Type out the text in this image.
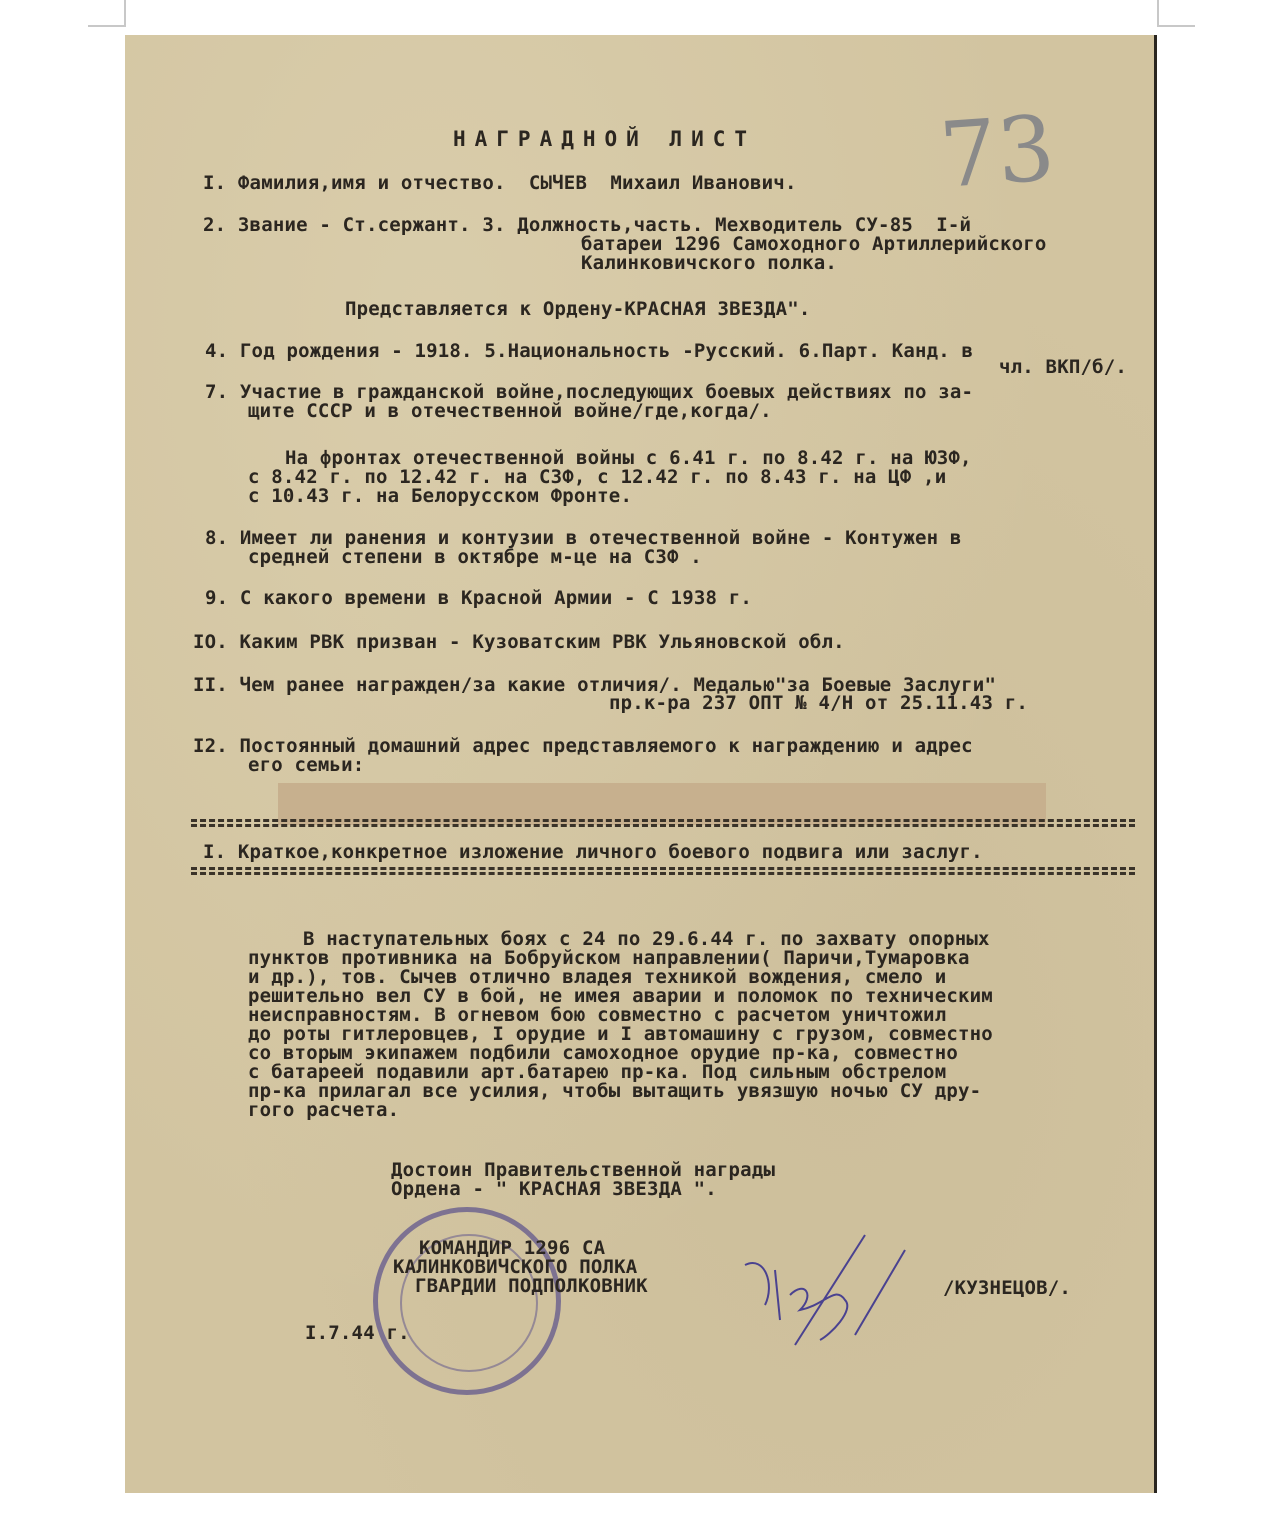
73
НАГРАДНОЙ ЛИСТ
I. Фамилия,имя и отчество.  СЫЧЕВ  Михаил Иванович.
2. Звание - Ст.сержант. 3. Должность,часть. Мехводитель СУ-85  I-й
батареи 1296 Самоходного Артиллерийского
Калинковичского полка.
Представляется к Ордену-КРАСНАЯ ЗВЕЗДА".
4. Год рождения - 1918. 5.Национальность -Русский. 6.Парт. Канд. в
чл. ВКП/б/.
7. Участие в гражданской войне,последующих боевых действиях по за-
щите СССР и в отечественной войне/где,когда/.
На фронтах отечественной войны с 6.41 г. по 8.42 г. на ЮЗФ,
с 8.42 г. по 12.42 г. на СЗФ, с 12.42 г. по 8.43 г. на ЦФ ,и
с 10.43 г. на Белорусском Фронте.
8. Имеет ли ранения и контузии в отечественной войне - Контужен в
средней степени в октябре м-це на СЗФ .
9. С какого времени в Красной Армии - С 1938 г.
IO. Каким РВК призван - Кузоватским РВК Ульяновской обл.
II. Чем ранее награжден/за какие отличия/. Медалью"за Боевые Заслуги"
пр.к-ра 237 ОПТ № 4/Н от 25.11.43 г.
I2. Постоянный домашний адрес представляемого к награждению и адрес
его семьи:
I. Краткое,конкретное изложение личного боевого подвига или заслуг.
В наступательных боях с 24 по 29.6.44 г. по захвату опорных
пунктов противника на Бобруйском направлении( Паричи,Тумаровка
и др.), тов. Сычев отлично владея техникой вождения, смело и
решительно вел СУ в бой, не имея аварии и поломок по техническим
неисправностям. В огневом бою совместно с расчетом уничтожил
до роты гитлеровцев, I орудие и I автомашину с грузом, совместно
со вторым экипажем подбили самоходное орудие пр-ка, совместно
с батареей подавили арт.батарею пр-ка. Под сильным обстрелом
пр-ка прилагал все усилия, чтобы вытащить увязшую ночью СУ дру-
гого расчета.
Достоин Правительственной награды
Ордена - " КРАСНАЯ ЗВЕЗДА ".
КОМАНДИР 1296 СА
КАЛИНКОВИЧСКОГО ПОЛКА
ГВАРДИИ ПОДПОЛКОВНИК	/КУЗНЕЦОВ/.
I.7.44 г.
